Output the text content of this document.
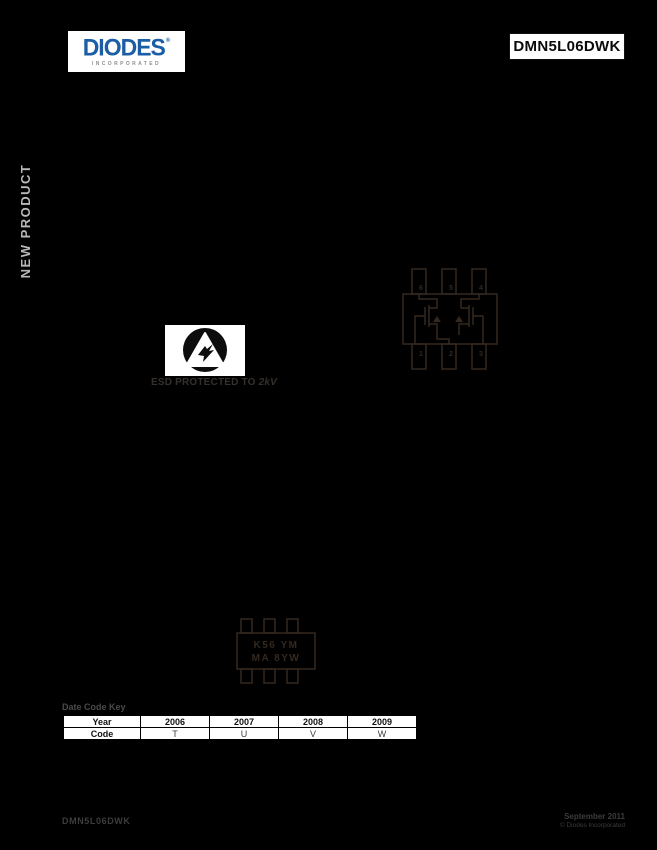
DIODES ®
INCORPORATED
DMN5L06DWK
NEW PRODUCT
6	5	4
1	2	3
ESD PROTECTED TO 2kV
K56 YM
MA 8YW
Date Code Key
Year	2006	2007	2008	2009
Code	T	U	V	W
DMN5L06DWK	September 2011
© Diodes Incorporated
